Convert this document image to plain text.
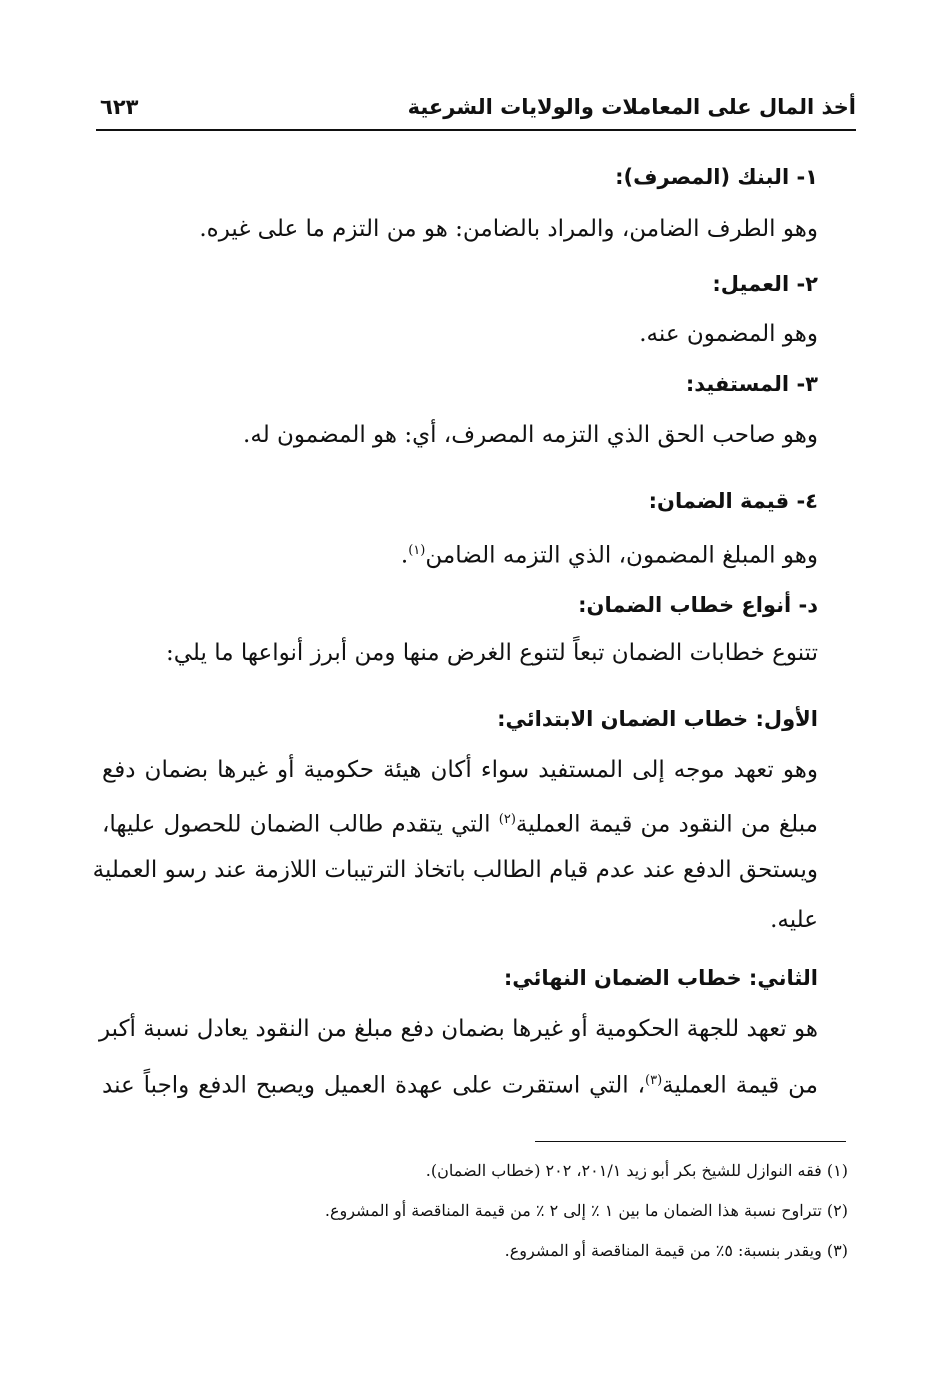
أخذ المال على المعاملات والولايات الشرعية
٦٢٣
١- البنك (المصرف):
وهو الطرف الضامن، والمراد بالضامن: هو من التزم ما على غيره.
٢- العميل:
وهو المضمون عنه.
٣- المستفيد:
وهو صاحب الحق الذي التزمه المصرف، أي: هو المضمون له.
٤- قيمة الضمان:
وهو المبلغ المضمون، الذي التزمه الضامن$^{(١)}$.
د- أنواع خطاب الضمان:
تتنوع خطابات الضمان تبعاً لتنوع الغرض منها ومن أبرز أنواعها ما يلي:
الأول: خطاب الضمان الابتدائي:
وهو تعهد موجه إلى المستفيد سواء أكان هيئة حكومية أو غيرها بضمان دفع
مبلغ من النقود من قيمة العملية$^{(٢)}$ التي يتقدم طالب الضمان للحصول عليها،
ويستحق الدفع عند عدم قيام الطالب باتخاذ الترتيبات اللازمة عند رسو العملية
عليه.
الثاني: خطاب الضمان النهائي:
هو تعهد للجهة الحكومية أو غيرها بضمان دفع مبلغ من النقود يعادل نسبة أكبر
من قيمة العملية$^{(٣)}$، التي استقرت على عهدة العميل ويصبح الدفع واجباً عند
(١) فقه النوازل للشيخ بكر أبو زيد ٢٠١/١، ٢٠٢ (خطاب الضمان).
(٢) تتراوح نسبة هذا الضمان ما بين ١ ٪ إلى ٢ ٪ من قيمة المناقصة أو المشروع.
(٣) ويقدر بنسبة: ٥٪ من قيمة المناقصة أو المشروع.
